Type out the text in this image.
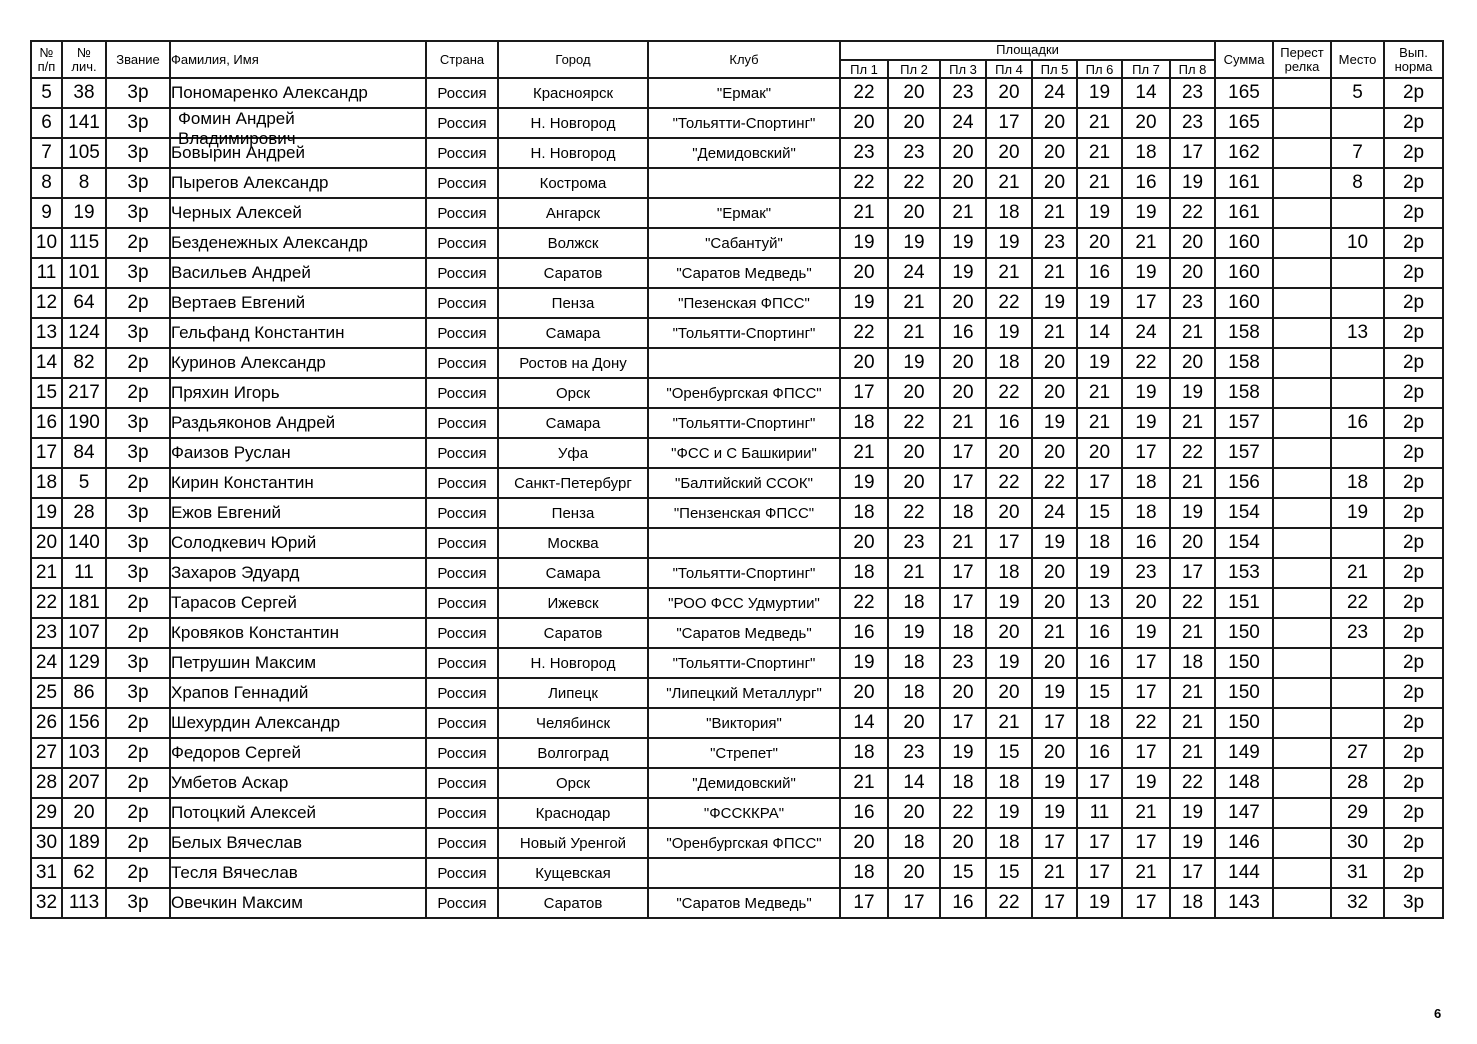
№
п/п	№
лич.	Звание	Фамилия, Имя	Страна	Город	Клуб	Площадки								Сумма	Перест
релка	Место	Вып.
норма
							Пл 1	Пл 2	Пл 3	Пл 4	Пл 5	Пл 6	Пл 7	Пл 8				
5	38	3р	Пономаренко Александр	Россия	Красноярск	"Ермак"	22	20	23	20	24	19	14	23	165		5	2р
6	141	3р	Фомин Андрей
Владимирович	Россия	Н. Новгород	"Тольятти-Спортинг"	20	20	24	17	20	21	20	23	165			2р
7	105	3р	Бовырин Андрей	Россия	Н. Новгород	"Демидовский"	23	23	20	20	20	21	18	17	162		7	2р
8	8	3р	Пырегов Александр	Россия	Кострома		22	22	20	21	20	21	16	19	161		8	2р
9	19	3р	Черных Алексей	Россия	Ангарск	"Ермак"	21	20	21	18	21	19	19	22	161			2р
10	115	2р	Безденежных Александр	Россия	Волжск	"Сабантуй"	19	19	19	19	23	20	21	20	160		10	2р
11	101	3р	Васильев Андрей	Россия	Саратов	"Саратов Медведь"	20	24	19	21	21	16	19	20	160			2р
12	64	2р	Вертаев Евгений	Россия	Пенза	"Пезенская ФПСС"	19	21	20	22	19	19	17	23	160			2р
13	124	3р	Гельфанд Константин	Россия	Самара	"Тольятти-Спортинг"	22	21	16	19	21	14	24	21	158		13	2р
14	82	2р	Куринов Александр	Россия	Ростов на Дону		20	19	20	18	20	19	22	20	158			2р
15	217	2р	Пряхин Игорь	Россия	Орск	"Оренбургская ФПСС"	17	20	20	22	20	21	19	19	158			2р
16	190	3р	Раздьяконов Андрей	Россия	Самара	"Тольятти-Спортинг"	18	22	21	16	19	21	19	21	157		16	2р
17	84	3р	Фаизов Руслан	Россия	Уфа	"ФСС и С Башкирии"	21	20	17	20	20	20	17	22	157			2р
18	5	2р	Кирин Константин	Россия	Санкт-Петербург	"Балтийский ССОК"	19	20	17	22	22	17	18	21	156		18	2р
19	28	3р	Ежов Евгений	Россия	Пенза	"Пензенская ФПСС"	18	22	18	20	24	15	18	19	154		19	2р
20	140	3р	Солодкевич Юрий	Россия	Москва		20	23	21	17	19	18	16	20	154			2р
21	11	3р	Захаров Эдуард	Россия	Самара	"Тольятти-Спортинг"	18	21	17	18	20	19	23	17	153		21	2р
22	181	2р	Тарасов Сергей	Россия	Ижевск	"РОО ФСС Удмуртии"	22	18	17	19	20	13	20	22	151		22	2р
23	107	2р	Кровяков Константин	Россия	Саратов	"Саратов Медведь"	16	19	18	20	21	16	19	21	150		23	2р
24	129	3р	Петрушин Максим	Россия	Н. Новгород	"Тольятти-Спортинг"	19	18	23	19	20	16	17	18	150			2р
25	86	3р	Храпов Геннадий	Россия	Липецк	"Липецкий Металлург"	20	18	20	20	19	15	17	21	150			2р
26	156	2р	Шехурдин Александр	Россия	Челябинск	"Виктория"	14	20	17	21	17	18	22	21	150			2р
27	103	2р	Федоров Сергей	Россия	Волгоград	"Стрепет"	18	23	19	15	20	16	17	21	149		27	2р
28	207	2р	Умбетов Аскар	Россия	Орск	"Демидовский"	21	14	18	18	19	17	19	22	148		28	2р
29	20	2р	Потоцкий Алексей	Россия	Краснодар	"ФССККРА"	16	20	22	19	19	11	21	19	147		29	2р
30	189	2р	Белых Вячеслав	Россия	Новый Уренгой	"Оренбургская ФПСС"	20	18	20	18	17	17	17	19	146		30	2р
31	62	2р	Тесля Вячеслав	Россия	Кущевская		18	20	15	15	21	17	21	17	144		31	2р
32	113	3р	Овечкин Максим	Россия	Саратов	"Саратов Медведь"	17	17	16	22	17	19	17	18	143		32	3р
6
